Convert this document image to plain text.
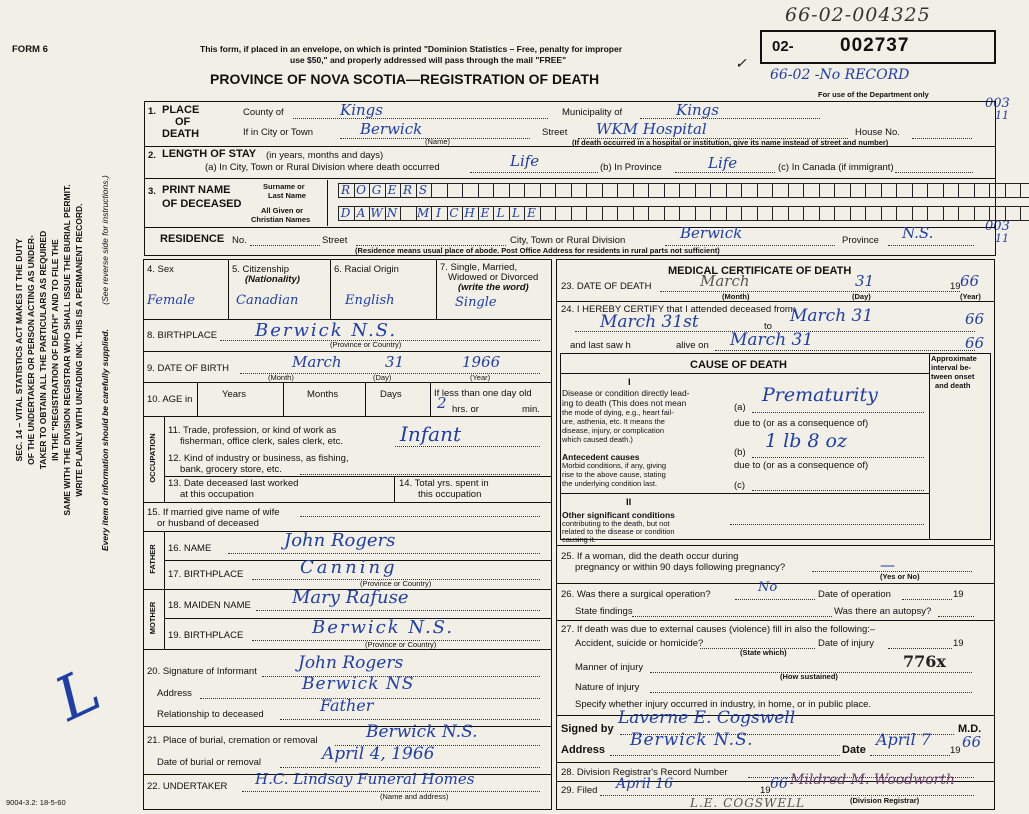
FORM 6	This form, if placed in an envelope, on which is printed "Dominion Statistics – Free, penalty for improper
use $50," and properly addressed will pass through the mail "FREE"
PROVINCE OF NOVA SCOTIA—REGISTRATION OF DEATH
66-02-004325
02- 002737
66-02 -No RECORD
For use of the Department only
✓
003
11
003
11
SEC. 14 – VITAL STATISTICS ACT MAKES IT THE DUTY OF THE UNDERTAKER OR PERSON ACTING AS UNDER- TAKER TO OBTAIN ALL THE PARTICULARS AS REQUIRED IN THE "REGISTRATION OF DEATH" AND TO FILE THE SAME WITH THE DIVISION REGISTRAR WHO SHALL ISSUE THE BURIAL PERMIT. WRITE PLAINLY WITH UNFADING INK. THIS IS A PERMANENT RECORD. Every item of information should be carefully supplied.
(See reverse side for instructions.)
L
1. PLACE
OF
DEATH
County of	Kings	Municipality of	Kings
If in City or Town	Berwick
(Name)
Street WKM Hospital	House No.
(If death occurred in a hospital or institution, give its name instead of street and number)
2. LENGTH OF STAY (in years, months and days)
(a) In City, Town or Rural Division where death occurred	Life	(b) In Province	Life	(c) In Canada (if immigrant)
3. PRINT NAME
OF DECEASED
Surname or
Last Name
All Given or
Christian Names
R O G E R S
D A W N M I C H E L L E
RESIDENCE No.	Street	City, Town or Rural Division	Berwick	Province N.S.
(Residence means usual place of abode. Post Office Address for residents in rural parts not sufficient)
4. Sex
Female
5. Citizenship
(Nationality)
Canadian
6. Racial Origin
English
7. Single, Married,
Widowed or Divorced
(write the word)
Single
8. BIRTHPLACE Berwick N.S.
(Province or Country)
9. DATE OF BIRTH	March	31	1966
(Month)	(Day)	(Year)
10. AGE in	Years	Months	Days	If less than one day old
2 hrs. or	min.
OCCUPATION
11. Trade, profession, or kind of work as
fisherman, office clerk, sales clerk, etc.	Infant
12. Kind of industry or business, as fishing,
bank, grocery store, etc.
13. Date deceased last worked
at this occupation
14. Total yrs. spent in
this occupation
15. If married give name of wife
or husband of deceased
FATHER 16. NAME	John Rogers
17. BIRTHPLACE	Canning
(Province or Country)
MOTHER 18. MAIDEN NAME Mary Rafuse
19. BIRTHPLACE	Berwick N.S.
(Province or Country)
20. Signature of Informant John Rogers
Address	Berwick NS
Relationship to deceased	Father
21. Place of burial, cremation or removal	Berwick N.S.
Date of burial or removal	April 4, 1966
22. UNDERTAKER H.C. Lindsay Funeral Homes
(Name and address)
9004-3.2: 18-5-60
MEDICAL CERTIFICATE OF DEATH
23. DATE OF DEATH	March	31	19 66
(Month)	(Day)	(Year)
24. I HEREBY CERTIFY that I attended deceased from:
March 31st	to
March 31	66
and last saw h	alive on March 31	66
CAUSE OF DEATH
Approximate
interval be-
tween onset
and death
I
Disease or condition directly lead-
ing to death (This does not mean
the mode of dying, e.g., heart fail-
ure, asthenia, etc. It means the
disease, injury, or complication
which caused death.)
(a)
Prematurity
due to (or as a consequence of)
Antecedent causes
Morbid conditions, if any, giving
rise to the above cause, stating
the underlying condition last.
(b)
1 lb 8 oz
due to (or as a consequence of)
(c)
II
Other significant conditions
contributing to the death, but not
related to the disease or condition
causing it.
25. If a woman, did the death occur during
pregnancy or within 90 days following pregnancy?
(Yes or No)
—
26. Was there a surgical operation?	No	Date of operation	19
State findings	Was there an autopsy?
27. If death was due to external causes (violence) fill in also the following:–
Accident, suicide or homicide?
(State which)
Date of injury	19
Manner of injury	776x
(How sustained)
Nature of injury
Specify whether injury occurred in industry, in home, or in public place.
Signed by
Laverne E. Cogswell
M.D.
Address Berwick N.S.	Date
April 7
19 66
28. Division Registrar's Record Number
29. Filed April 16	19 66 Mildred M. Woodworth
(Division Registrar)
L.E. COGSWELL
